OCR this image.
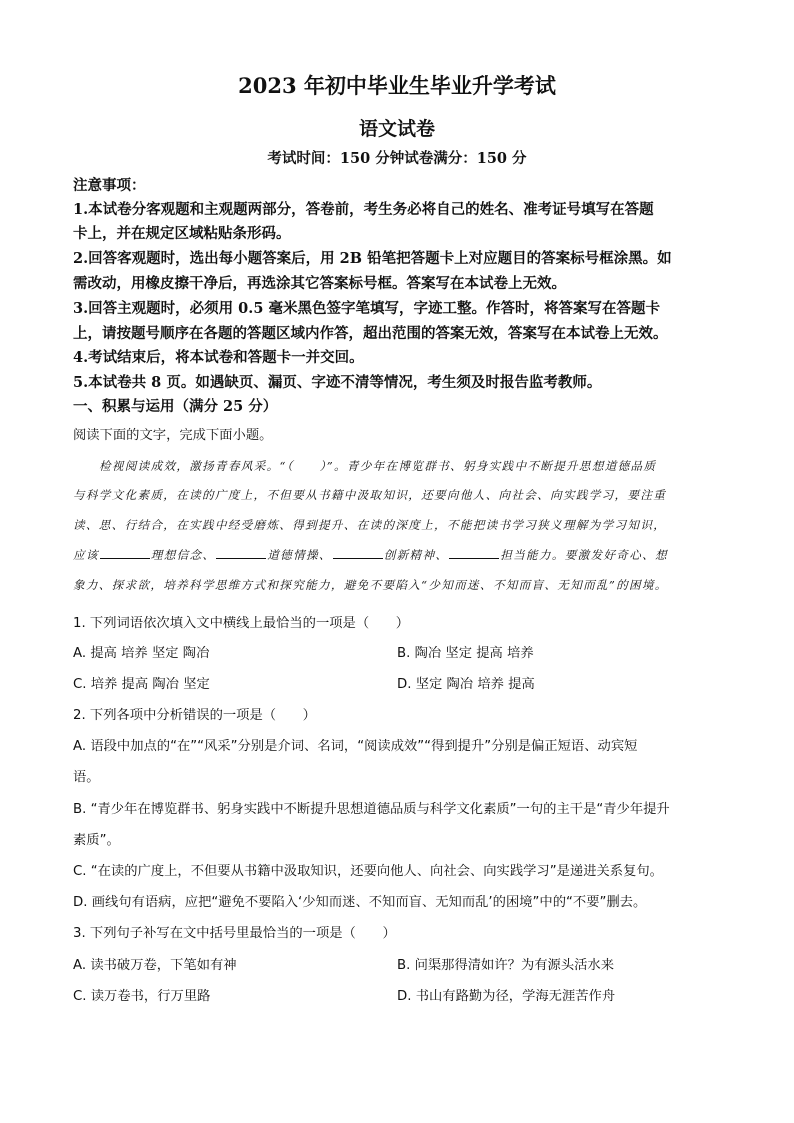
2023 年初中毕业生毕业升学考试
语文试卷
考试时间：150 分钟试卷满分：150 分
注意事项：
1.本试卷分客观题和主观题两部分，答卷前，考生务必将自己的姓名、准考证号填写在答题
卡上，并在规定区域粘贴条形码。
2.回答客观题时，选出每小题答案后，用 2B 铅笔把答题卡上对应题目的答案标号框涂黑。如
需改动，用橡皮擦干净后，再选涂其它答案标号框。答案写在本试卷上无效。
3.回答主观题时，必须用 0.5 毫米黑色签字笔填写，字迹工整。作答时，将答案写在答题卡
上，请按题号顺序在各题的答题区域内作答，超出范围的答案无效，答案写在本试卷上无效。
4.考试结束后，将本试卷和答题卡一并交回。
5.本试卷共 8 页。如遇缺页、漏页、字迹不清等情况，考生须及时报告监考教师。
一、积累与运用（满分 25 分）
阅读下面的文字，完成下面小题。
检视阅读成效，激扬青春风采。“（　　）”。青少年在博览群书、躬身实践中不断提升思想道德品质
与科学文化素质，在读的广度上，不但要从书籍中汲取知识，还要向他人、向社会、向实践学习，要注重
读、思、行结合，在实践中经受磨炼、得到提升、在读的深度上，不能把读书学习狭义理解为学习知识，
应该	理想信念、	道德情操、	创新精神、	担当能力。要激发好奇心、想
象力、探求欲，培养科学思维方式和探究能力，避免不要陷入“少知而迷、不知而盲、无知而乱”的困境。
1. 下列词语依次填入文中横线上最恰当的一项是（　　）
A. 提高 培养 坚定 陶冶	B. 陶冶 坚定 提高 培养
C. 培养 提高 陶冶 坚定	D. 坚定 陶冶 培养 提高
2. 下列各项中分析错误的一项是（　　）
A. 语段中加点的“在”“风采”分别是介词、名词，“阅读成效”“得到提升”分别是偏正短语、动宾短
语。
B. “青少年在博览群书、躬身实践中不断提升思想道德品质与科学文化素质”一句的主干是“青少年提升
素质”。
C. “在读的广度上，不但要从书籍中汲取知识，还要向他人、向社会、向实践学习”是递进关系复句。
D. 画线句有语病，应把“避免不要陷入‘少知而迷、不知而盲、无知而乱’的困境”中的“不要”删去。
3. 下列句子补写在文中括号里最恰当的一项是（　　）
A. 读书破万卷，下笔如有神	B. 问渠那得清如许？为有源头活水来
C. 读万卷书，行万里路	D. 书山有路勤为径，学海无涯苦作舟
